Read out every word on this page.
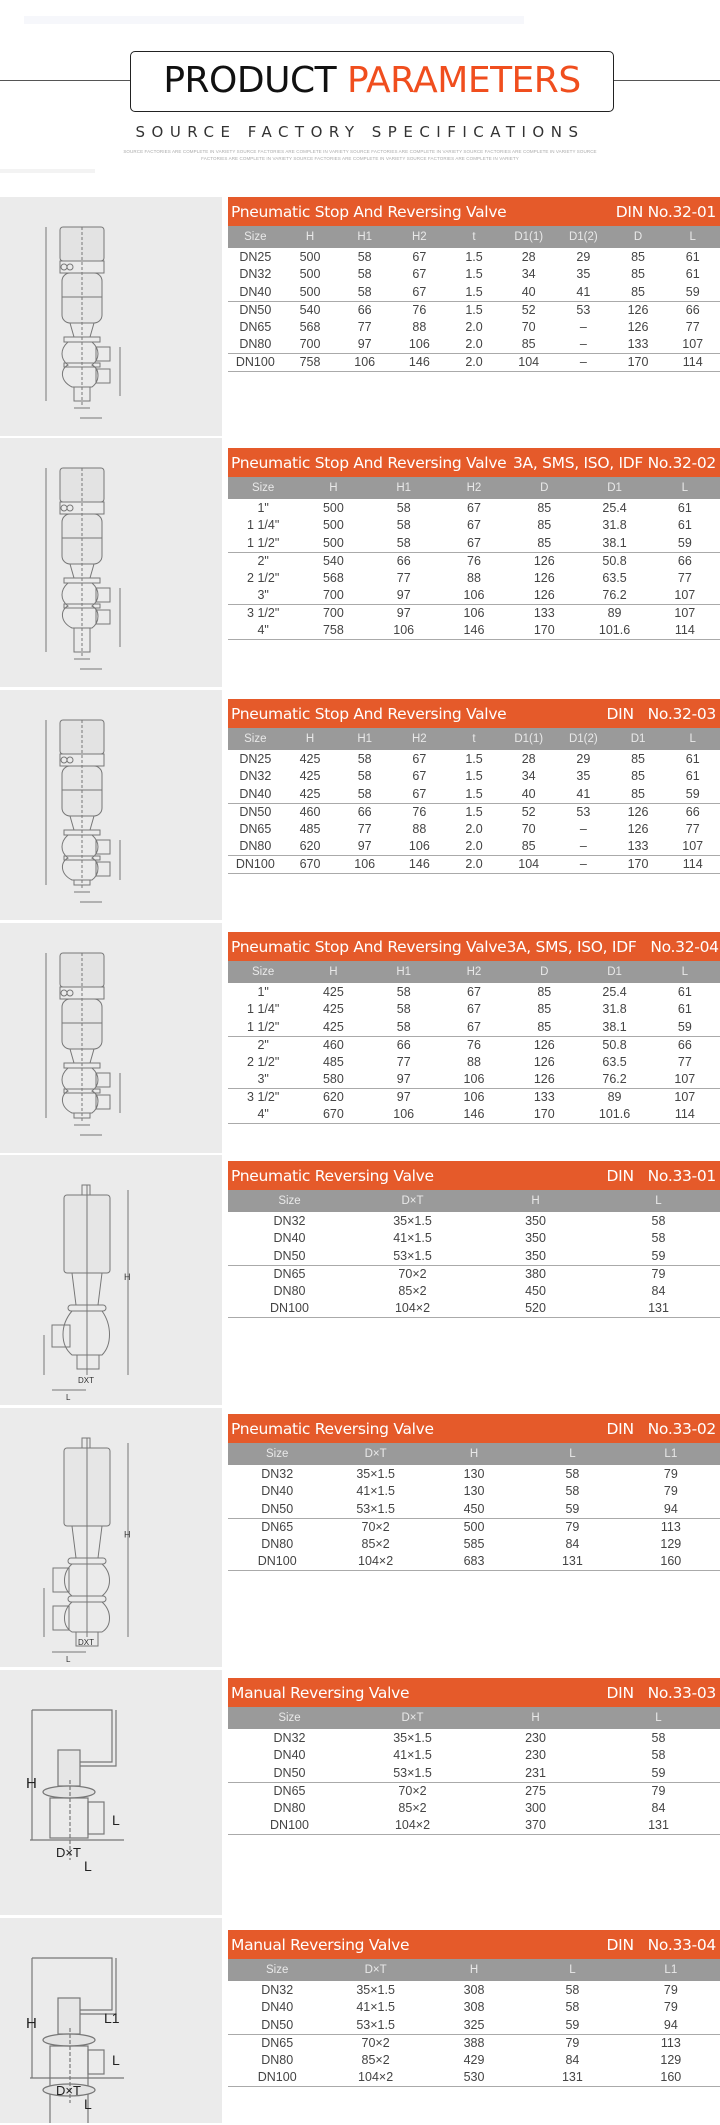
PRODUCT PARAMETERS
SOURCE FACTORY SPECIFICATIONS
SOURCE FACTORIES ARE COMPLETE IN VARIETY SOURCE FACTORIES ARE COMPLETE IN VARIETY SOURCE FACTORIES ARE COMPLETE IN VARIETY SOURCE FACTORIES ARE COMPLETE IN VARIETY SOURCE FACTORIES ARE COMPLETE IN VARIETY SOURCE FACTORIES ARE COMPLETE IN VARIETY SOURCE FACTORIES ARE COMPLETE IN VARIETY
Pneumatic Stop And Reversing Valve	DIN No.32-01
Size	H	H1	H2	t	D1(1)	D1(2)	D	L
DN25	500	58	67	1.5	28	29	85	61
DN32	500	58	67	1.5	34	35	85	61
DN40	500	58	67	1.5	40	41	85	59
DN50	540	66	76	1.5	52	53	126	66
DN65	568	77	88	2.0	70	–	126	77
DN80	700	97	106	2.0	85	–	133	107
DN100	758	106	146	2.0	104	–	170	114
Pneumatic Stop And Reversing Valve 3A, SMS, ISO, IDF No.32-02
Size	H	H1	H2	D	D1	L
1"	500	58	67	85	25.4	61
1 1/4"	500	58	67	85	31.8	61
1 1/2"	500	58	67	85	38.1	59
2"	540	66	76	126	50.8	66
2 1/2"	568	77	88	126	63.5	77
3"	700	97	106	126	76.2	107
3 1/2"	700	97	106	133	89	107
4"	758	106	146	170	101.6	114
Pneumatic Stop And Reversing Valve	DIN   No.32-03
Size	H	H1	H2	t	D1(1)	D1(2)	D1	L
DN25	425	58	67	1.5	28	29	85	61
DN32	425	58	67	1.5	34	35	85	61
DN40	425	58	67	1.5	40	41	85	59
DN50	460	66	76	1.5	52	53	126	66
DN65	485	77	88	2.0	70	–	126	77
DN80	620	97	106	2.0	85	–	133	107
DN100	670	106	146	2.0	104	–	170	114
Pneumatic Stop And Reversing Valve 3A, SMS, ISO, IDF   No.32-04
Size	H	H1	H2	D	D1	L
1"	425	58	67	85	25.4	61
1 1/4"	425	58	67	85	31.8	61
1 1/2"	425	58	67	85	38.1	59
2"	460	66	76	126	50.8	66
2 1/2"	485	77	88	126	63.5	77
3"	580	97	106	126	76.2	107
3 1/2"	620	97	106	133	89	107
4"	670	106	146	170	101.6	114
H
DXT
L
Pneumatic Reversing Valve	DIN   No.33-01
Size	D×T	H	L
DN32	35×1.5	350	58
DN40	41×1.5	350	58
DN50	53×1.5	350	59
DN65	70×2	380	79
DN80	85×2	450	84
DN100	104×2	520	131
H
DXT
L
Pneumatic Reversing Valve	DIN   No.33-02
Size	D×T	H	L	L1
DN32	35×1.5	130	58	79
DN40	41×1.5	130	58	79
DN50	53×1.5	450	59	94
DN65	70×2	500	79	113
DN80	85×2	585	84	129
DN100	104×2	683	131	160
H
D×T
L
L
Manual Reversing Valve	DIN   No.33-03
Size	D×T	H	L
DN32	35×1.5	230	58
DN40	41×1.5	230	58
DN50	53×1.5	231	59
DN65	70×2	275	79
DN80	85×2	300	84
DN100	104×2	370	131
H
D×T
L
L
L1
Manual Reversing Valve	DIN   No.33-04
Size	D×T	H	L	L1
DN32	35×1.5	308	58	79
DN40	41×1.5	308	58	79
DN50	53×1.5	325	59	94
DN65	70×2	388	79	113
DN80	85×2	429	84	129
DN100	104×2	530	131	160
